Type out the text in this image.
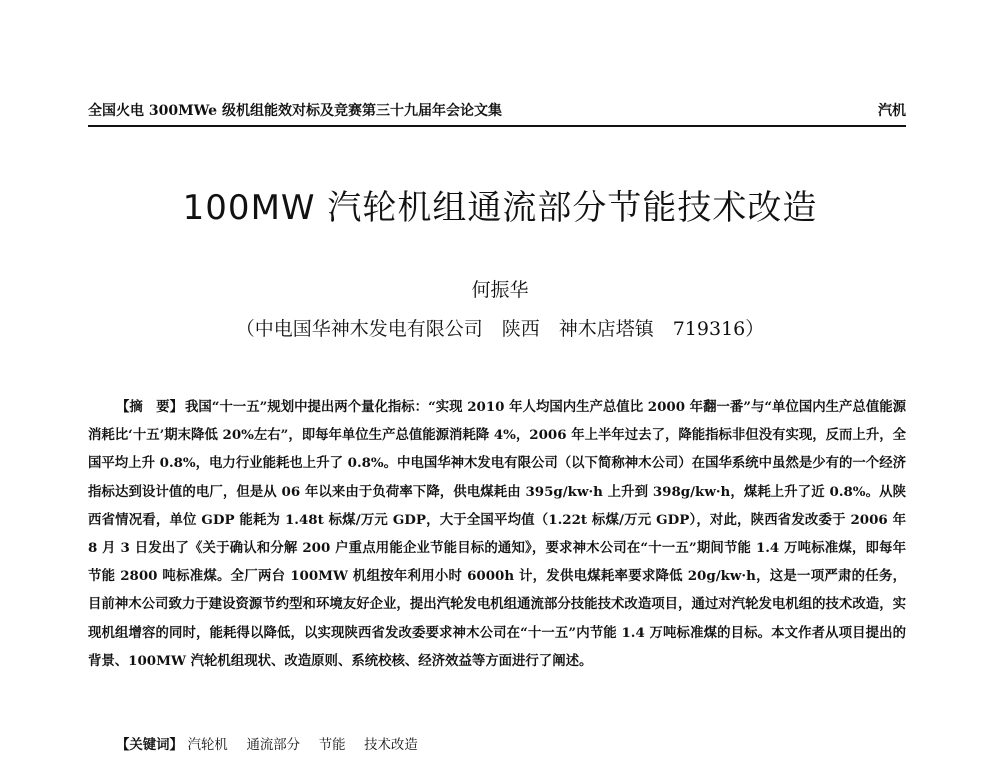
全国火电 300MWe 级机组能效对标及竞赛第三十九届年会论文集	汽机
100MW 汽轮机组通流部分节能技术改造
何振华
（中电国华神木发电有限公司　陕西　神木店塔镇　719316）
【摘　要】 我国“十一五”规划中提出两个量化指标：“实现 2010 年人均国内生产总值比 2000 年翻一番”与“单位国内生产总值能源消耗比‘十五’期末降低 20%左右”，即每年单位生产总值能源消耗降 4%，2006 年上半年过去了，降能指标非但没有实现，反而上升，全国平均上升 0.8%，电力行业能耗也上升了 0.8%。中电国华神木发电有限公司（以下简称神木公司）在国华系统中虽然是少有的一个经济指标达到设计值的电厂，但是从 06 年以来由于负荷率下降，供电煤耗由 395g/kw·h 上升到 398g/kw·h，煤耗上升了近 0.8%。从陕西省情况看，单位 GDP 能耗为 1.48t 标煤/万元 GDP，大于全国平均值（1.22t 标煤/万元 GDP），对此，陕西省发改委于 2006 年 8 月 3 日发出了《关于确认和分解 200 户重点用能企业节能目标的通知》，要求神木公司在“十一五”期间节能 1.4 万吨标准煤，即每年节能 2800 吨标准煤。全厂两台 100MW 机组按年利用小时 6000h 计，发供电煤耗率要求降低 20g/kw·h，这是一项严肃的任务，目前神木公司致力于建设资源节约型和环境友好企业，提出汽轮发电机组通流部分技能技术改造项目，通过对汽轮发电机组的技术改造，实现机组增容的同时，能耗得以降低，以实现陕西省发改委要求神木公司在“十一五”内节能 1.4 万吨标准煤的目标。本文作者从项目提出的背景、100MW 汽轮机组现状、改造原则、系统校核、经济效益等方面进行了阐述。
【关键词】 汽轮机 通流部分 节能 技术改造
